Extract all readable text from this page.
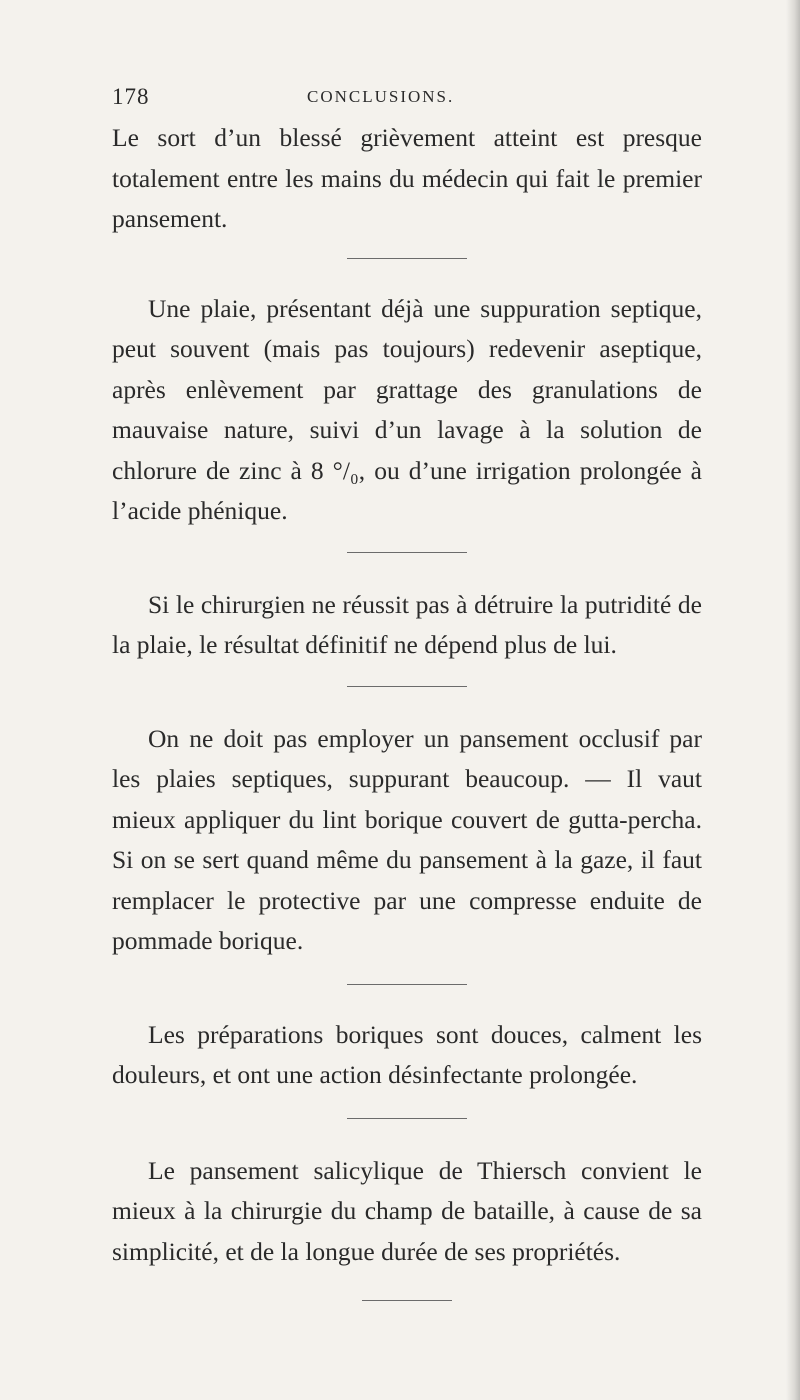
178	CONCLUSIONS.

Le sort d’un blessé grièvement atteint est presque totalement entre les mains du médecin qui fait le premier pansement.

Une plaie, présentant déjà une suppuration septique, peut souvent (mais pas toujours) redevenir aseptique, après enlèvement par grattage des granulations de mauvaise nature, suivi d’un lavage à la solution de chlorure de zinc à 8 °/₀, ou d’une irrigation prolongée à l’acide phénique.

Si le chirurgien ne réussit pas à détruire la putridité de la plaie, le résultat définitif ne dépend plus de lui.

On ne doit pas employer un pansement occlusif par les plaies septiques, suppurant beaucoup. — Il vaut mieux appliquer du lint borique couvert de gutta-percha. Si on se sert quand même du pansement à la gaze, il faut remplacer le protective par une compresse enduite de pommade borique.

Les préparations boriques sont douces, calment les douleurs, et ont une action désinfectante prolongée.

Le pansement salicylique de Thiersch convient le mieux à la chirurgie du champ de bataille, à cause de sa simplicité, et de la longue durée de ses propriétés.
